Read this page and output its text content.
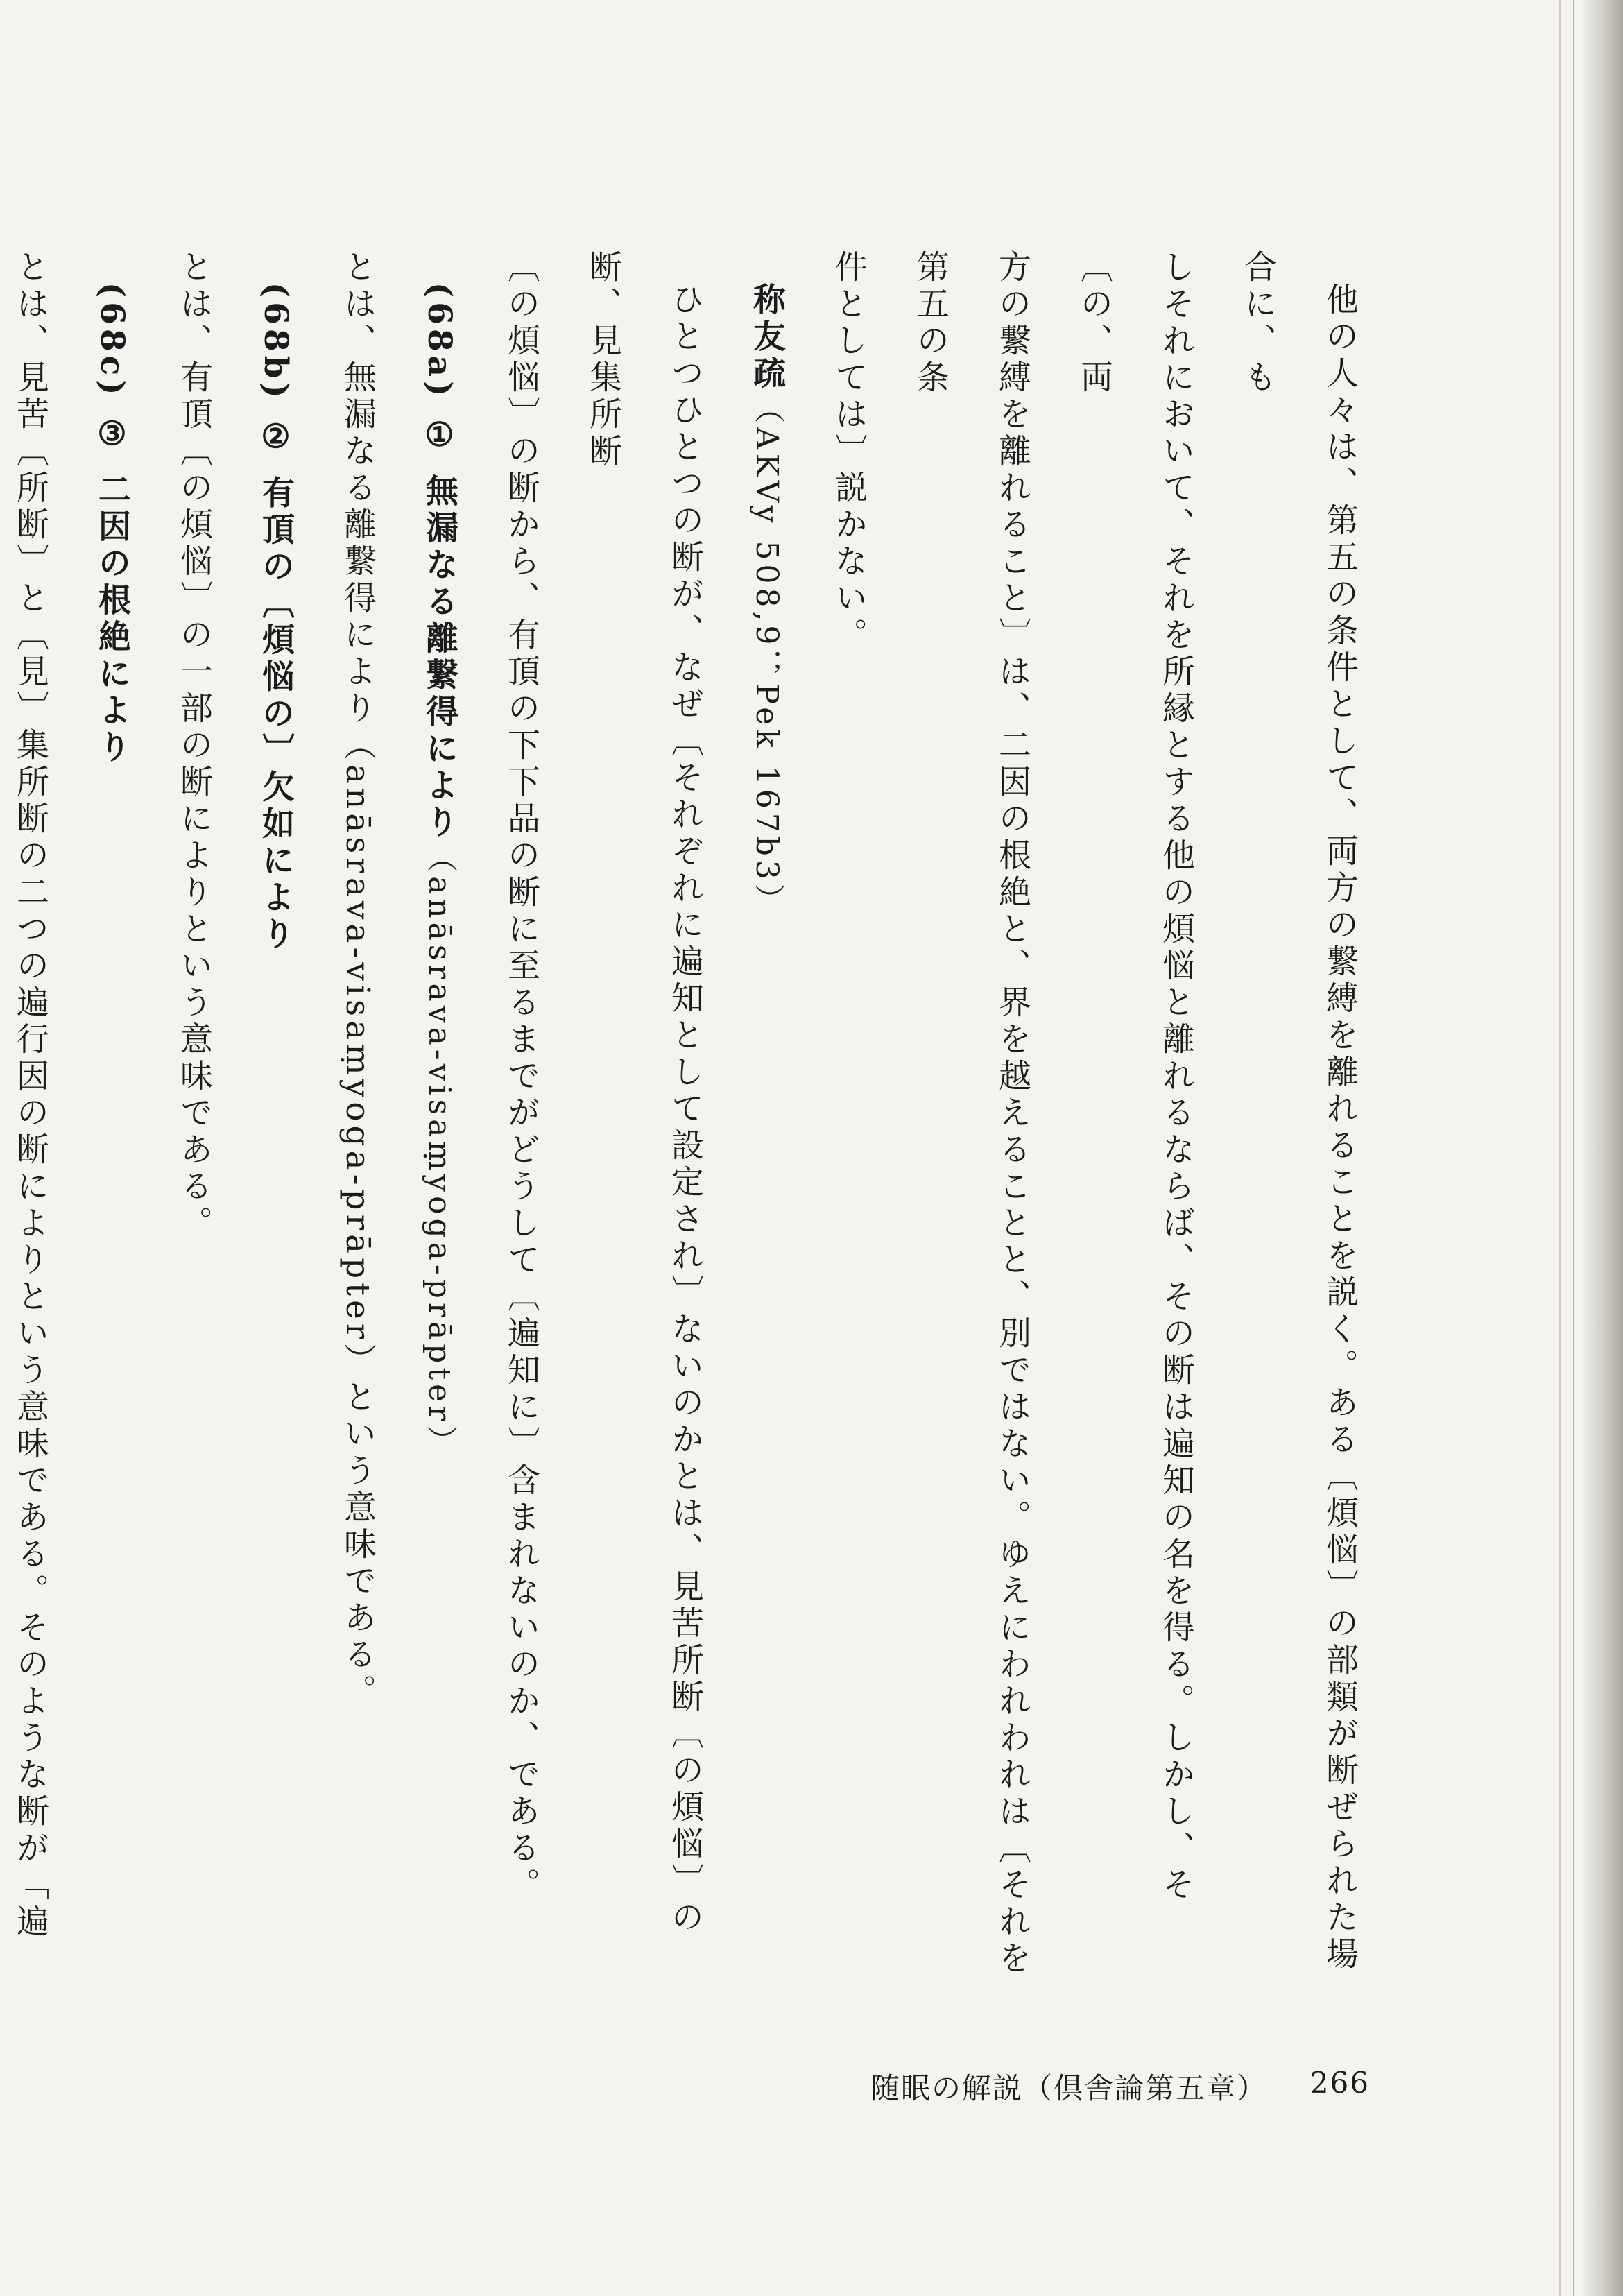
他の人々は、第五の条件として、両方の繋縛を離れることを説く。ある〔煩悩〕の部類が断ぜられた場合に、も
しそれにおいて、それを所縁とする他の煩悩と離れるならば、その断は遍知の名を得る。しかし、そ〔の、両
方の繋縛を離れること〕は、二因の根絶と、界を越えることと、別ではない。ゆえにわれわれは〔それを第五の条
件としては〕説かない。

称友疏（AKVy 508,9；Pek 167b3）

ひとつひとつの断が、なぜ〔それぞれに遍知として設定され〕ないのかとは、見苦所断〔の煩悩〕の断、見集所断
〔の煩悩〕の断から、有頂の下下品の断に至るまでがどうして〔遍知に〕含まれないのか、である。

(68a) ① 無漏なる離繋得により（anāsrava-visaṃyoga-prāpter）

とは、無漏なる離繋得により（anāsrava-visaṃyoga-prāpter）という意味である。

(68b) ② 有頂の〔煩悩の〕欠如により

とは、有頂〔の煩悩〕の一部の断によりという意味である。

(68c) ③ 二因の根絶により

とは、見苦〔所断〕と〔見〕集所断の二つの遍行因の断によりという意味である。そのような断が「遍

随眠の解説（倶舎論第五章） 266
